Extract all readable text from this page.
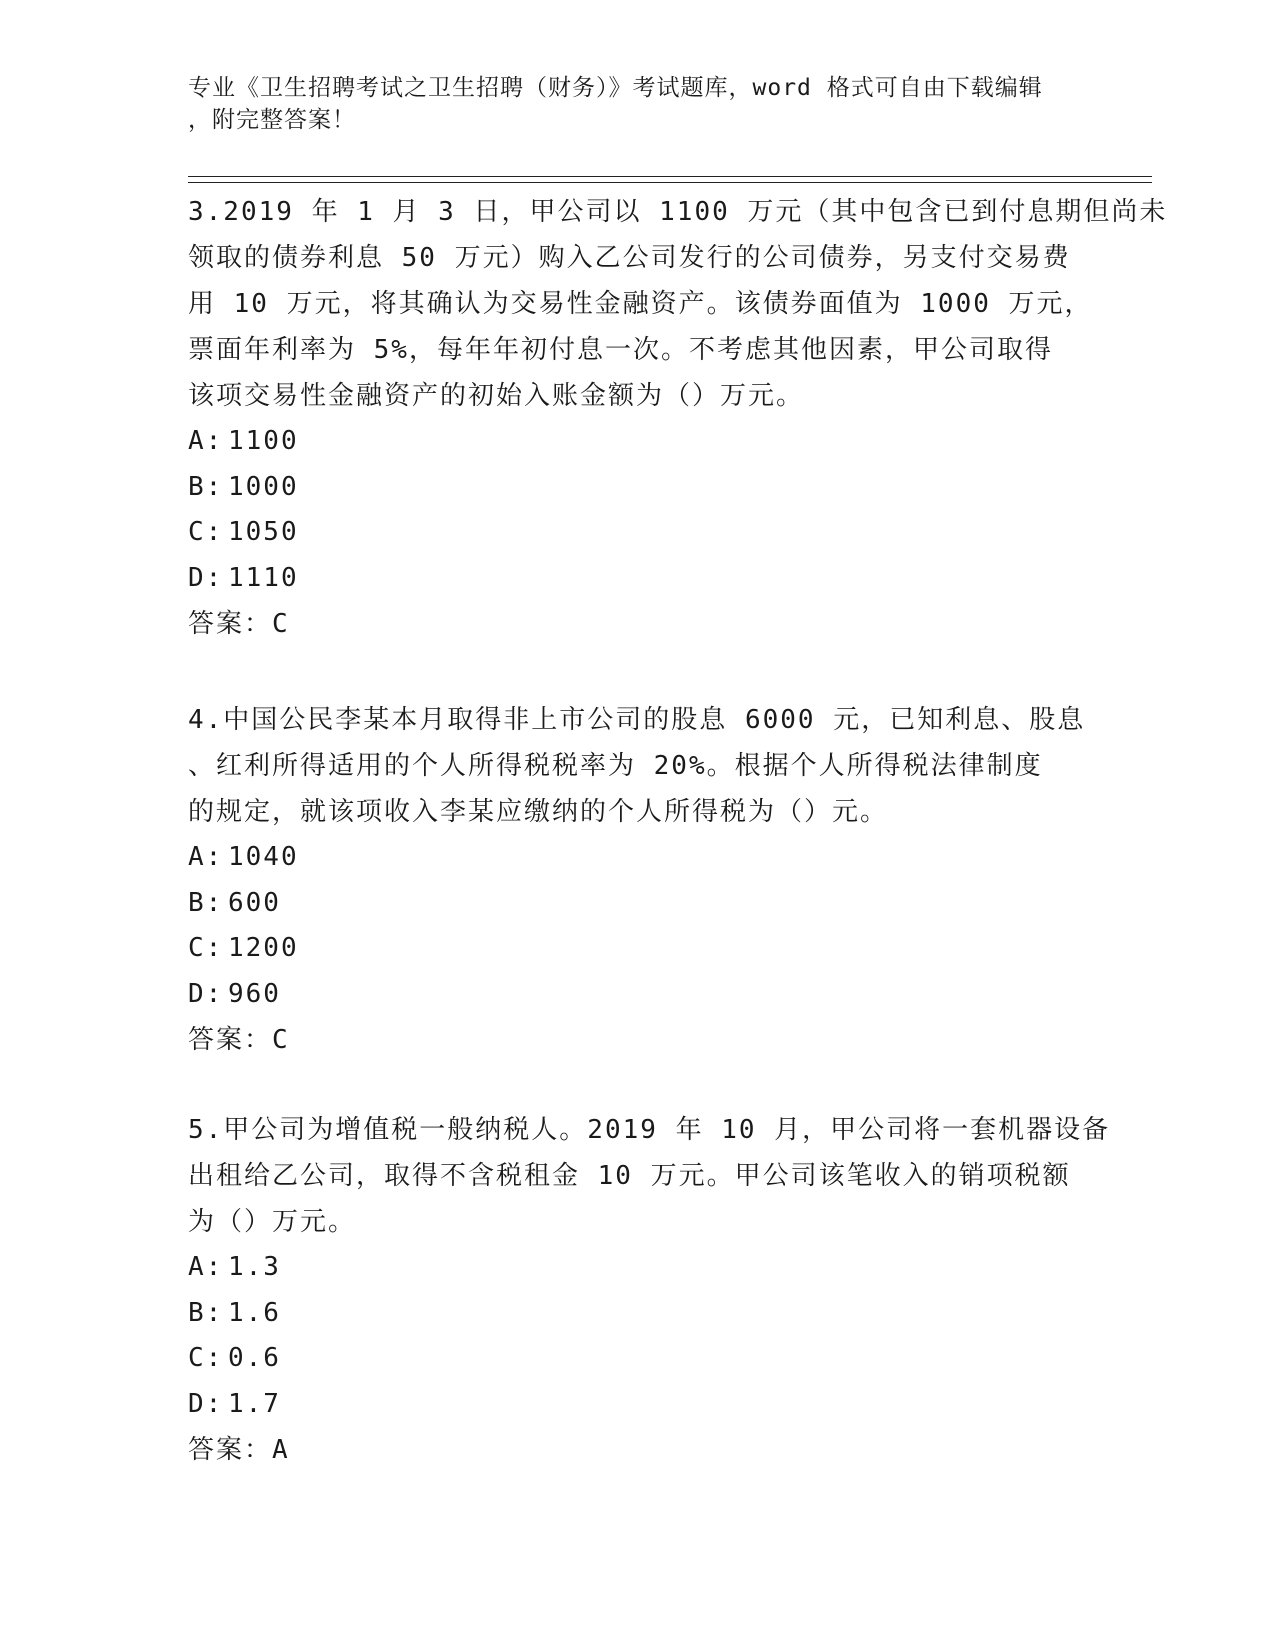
专业《卫生招聘考试之卫生招聘（财务）》考试题库，word 格式可自由下载编辑
，附完整答案！
3.2019 年 1 月 3 日，甲公司以 1100 万元（其中包含已到付息期但尚未
领取的债券利息 50 万元）购入乙公司发行的公司债券，另支付交易费
用 10 万元，将其确认为交易性金融资产。该债券面值为 1000 万元，
票面年利率为 5%，每年年初付息一次。不考虑其他因素，甲公司取得
该项交易性金融资产的初始入账金额为（）万元。
A: 1100
B: 1000
C: 1050
D: 1110
答案：C
4.中国公民李某本月取得非上市公司的股息 6000 元，已知利息、股息
、红利所得适用的个人所得税税率为 20%。根据个人所得税法律制度
的规定，就该项收入李某应缴纳的个人所得税为（）元。
A: 1040
B: 600
C: 1200
D: 960
答案：C
5.甲公司为增值税一般纳税人。2019 年 10 月，甲公司将一套机器设备
出租给乙公司，取得不含税租金 10 万元。甲公司该笔收入的销项税额
为（）万元。
A: 1.3
B: 1.6
C: 0.6
D: 1.7
答案：A
